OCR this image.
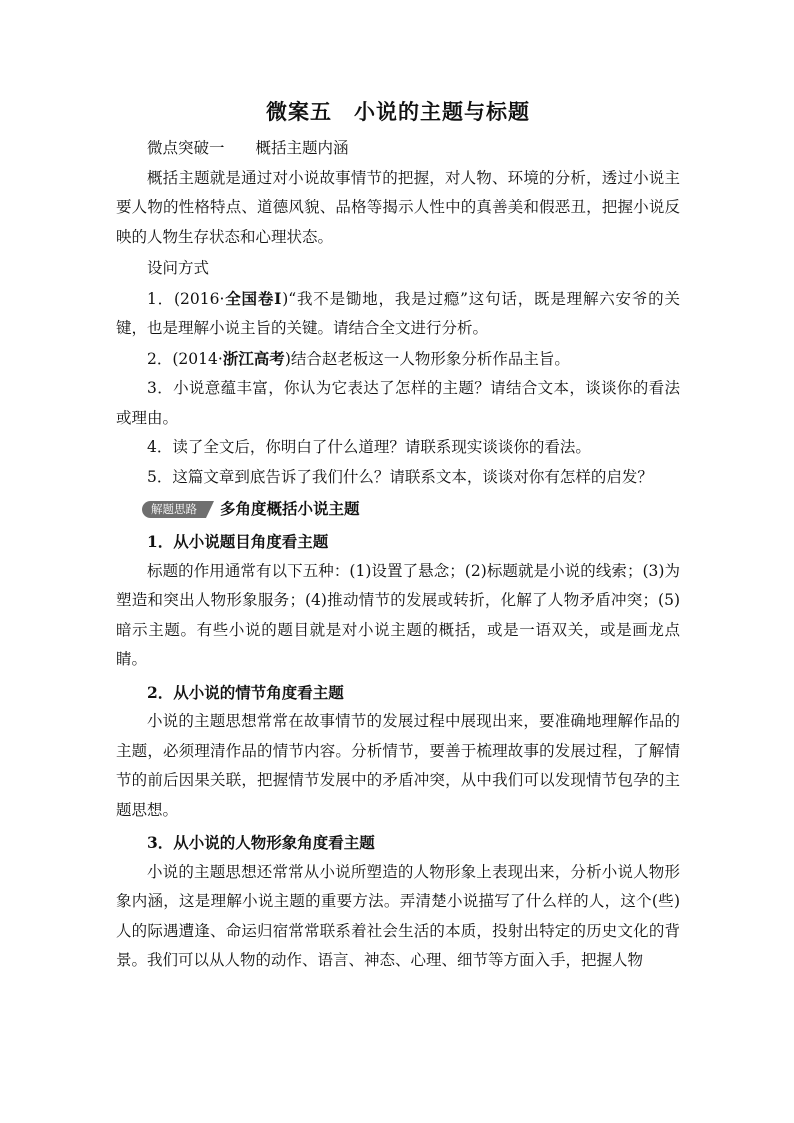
微案五　小说的主题与标题
微点突破一　　概括主题内涵

概括主题就是通过对小说故事情节的把握，对人物、环境的分析，透过小说主要人物的性格特点、道德风貌、品格等揭示人性中的真善美和假恶丑，把握小说反映的人物生存状态和心理状态。

设问方式

1．(2016·全国卷Ⅰ)“我不是锄地，我是过瘾”这句话，既是理解六安爷的关键，也是理解小说主旨的关键。请结合全文进行分析。

2．(2014·浙江高考)结合赵老板这一人物形象分析作品主旨。

3．小说意蕴丰富，你认为它表达了怎样的主题？请结合文本，谈谈你的看法或理由。

4．读了全文后，你明白了什么道理？请联系现实谈谈你的看法。

5．这篇文章到底告诉了我们什么？请联系文本，谈谈对你有怎样的启发？

解题思路	多角度概括小说主题
1．从小说题目角度看主题

标题的作用通常有以下五种：(1)设置了悬念；(2)标题就是小说的线索；(3)为塑造和突出人物形象服务；(4)推动情节的发展或转折，化解了人物矛盾冲突；(5)暗示主题。有些小说的题目就是对小说主题的概括，或是一语双关，或是画龙点睛。

2．从小说的情节角度看主题

小说的主题思想常常在故事情节的发展过程中展现出来，要准确地理解作品的主题，必须理清作品的情节内容。分析情节，要善于梳理故事的发展过程，了解情节的前后因果关联，把握情节发展中的矛盾冲突，从中我们可以发现情节包孕的主题思想。

3．从小说的人物形象角度看主题

小说的主题思想还常常从小说所塑造的人物形象上表现出来，分析小说人物形象内涵，这是理解小说主题的重要方法。弄清楚小说描写了什么样的人，这个(些)人的际遇遭逢、命运归宿常常联系着社会生活的本质，投射出特定的历史文化的背景。我们可以从人物的动作、语言、神态、心理、细节等方面入手，把握人物
